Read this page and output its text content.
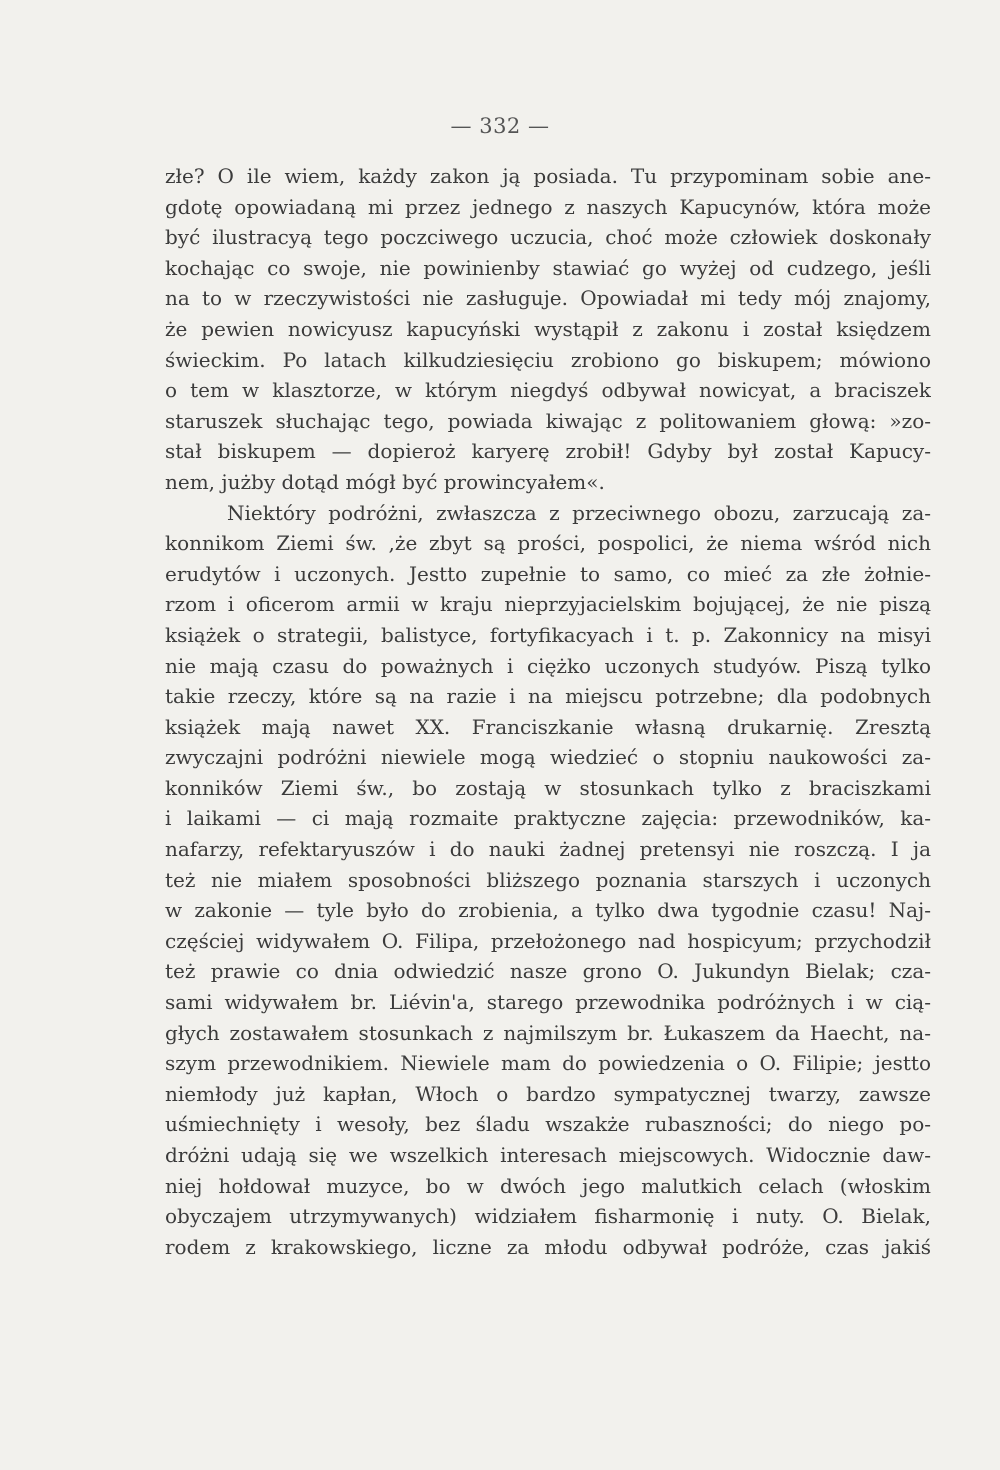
— 332 —
złe? O ile wiem, każdy zakon ją posiada. Tu przypominam sobie ane-
gdotę opowiadaną mi przez jednego z naszych Kapucynów, która może
być ilustracyą tego poczciwego uczucia, choć może człowiek doskonały
kochając co swoje, nie powinienby stawiać go wyżej od cudzego, jeśli
na to w rzeczywistości nie zasługuje. Opowiadał mi tedy mój znajomy,
że pewien nowicyusz kapucyński wystąpił z zakonu i został księdzem
świeckim. Po latach kilkudziesięciu zrobiono go biskupem; mówiono
o tem w klasztorze, w którym niegdyś odbywał nowicyat, a braciszek
staruszek słuchając tego, powiada kiwając z politowaniem głową: »zo-
stał biskupem — dopieroż karyerę zrobił! Gdyby był został Kapucy-
nem, jużby dotąd mógł być prowincyałem«.
Niektóry podróżni, zwłaszcza z przeciwnego obozu, zarzucają za-
konnikom Ziemi św. ,że zbyt są prości, pospolici, że niema wśród nich
erudytów i uczonych. Jestto zupełnie to samo, co mieć za złe żołnie-
rzom i oficerom armii w kraju nieprzyjacielskim bojującej, że nie piszą
książek o strategii, balistyce, fortyfikacyach i t. p. Zakonnicy na misyi
nie mają czasu do poważnych i ciężko uczonych studyów. Piszą tylko
takie rzeczy, które są na razie i na miejscu potrzebne; dla podobnych
książek mają nawet XX. Franciszkanie własną drukarnię. Zresztą
zwyczajni podróżni niewiele mogą wiedzieć o stopniu naukowości za-
konników Ziemi św., bo zostają w stosunkach tylko z braciszkami
i laikami — ci mają rozmaite praktyczne zajęcia: przewodników, ka-
nafarzy, refektaryuszów i do nauki żadnej pretensyi nie roszczą. I ja
też nie miałem sposobności bliższego poznania starszych i uczonych
w zakonie — tyle było do zrobienia, a tylko dwa tygodnie czasu! Naj-
częściej widywałem O. Filipa, przełożonego nad hospicyum; przychodził
też prawie co dnia odwiedzić nasze grono O. Jukundyn Bielak; cza-
sami widywałem br. Liévin'a, starego przewodnika podróżnych i w cią-
głych zostawałem stosunkach z najmilszym br. Łukaszem da Haecht, na-
szym przewodnikiem. Niewiele mam do powiedzenia o O. Filipie; jestto
niemłody już kapłan, Włoch o bardzo sympatycznej twarzy, zawsze
uśmiechnięty i wesoły, bez śladu wszakże rubaszności; do niego po-
dróżni udają się we wszelkich interesach miejscowych. Widocznie daw-
niej hołdował muzyce, bo w dwóch jego malutkich celach (włoskim
obyczajem utrzymywanych) widziałem fisharmonię i nuty. O. Bielak,
rodem z krakowskiego, liczne za młodu odbywał podróże, czas jakiś
